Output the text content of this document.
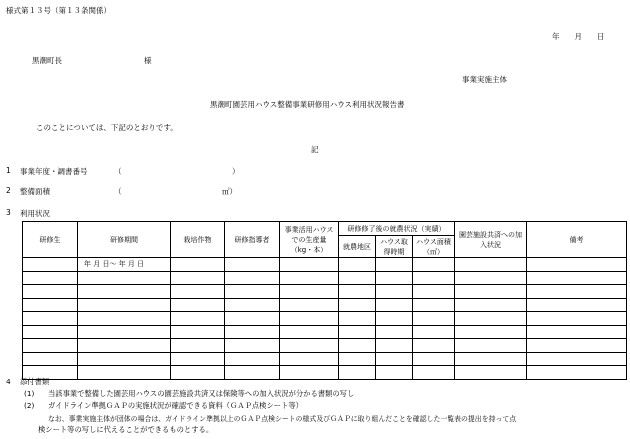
様式第１３号（第１３条関係）
年　　月　　日
黒潮町長	様
事業実施主体
黒潮町園芸用ハウス整備事業研修用ハウス利用状況報告書
このことについては、下記のとおりです。
記
1 事業年度・調書番号	（	）
2 整備面積	（	㎡）
3 利用状況
研修生	研修期間	栽培作物	研修指導者	事業活用ハウスでの生産量（kg・本）	研修修了後の就農状況（実績）			園芸施設共済への加入状況	備考
					就農地区	ハウス取得時期	ハウス面積（㎡）		
	年 月 日～ 年 月 日								

4 添付書類
(1) 当該事業で整備した園芸用ハウスの園芸施設共済又は保険等への加入状況が分かる書類の写し
(2) ガイドライン準拠ＧＡＰの実施状況が確認できる資料（ＧＡＰ点検シート等）
なお、事業実施主体が団体の場合は、ガイドライン準拠以上のＧＡＰ点検シートの様式及びＧＡＰに取り組んだことを確認した一覧表の提出を持って点
検シート等の写しに代えることができるものとする。
